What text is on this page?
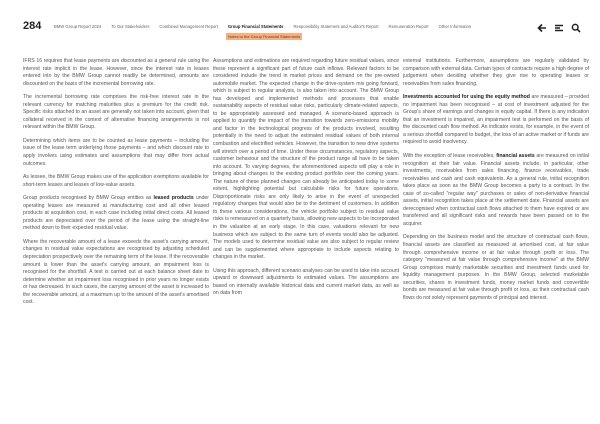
284	BMW Group Report 2024 To Our Stakeholders Combined Management Report Group Financial Statements Responsibility Statement and Auditor's Report Remuneration Report Other Information
Notes to the Group Financial Statements

IFRS 16 requires that lease payments are discounted as a general rule using the interest rate implicit in the lease. However, since the interest rate in leases entered into by the BMW Group cannot readily be determined, amounts are discounted on the basis of the incremental borrowing rate.

The incremental borrowing rate comprises the risk-free interest rate in the relevant currency for matching maturities plus a premium for the credit risk. Specific risks attached to an asset are generally not taken into account, given that collateral received in the context of alternative financing arrangements is not relevant within the BMW Group.

Determining which items are to be counted as lease payments – including the issue of the lease term underlying those payments – and which discount rate to apply involves using estimates and assumptions that may differ from actual outcomes.

As lessee, the BMW Group makes use of the application exemptions available for short-term leases and leases of low-value assets.

Group products recognised by BMW Group entities as leased products under operating leases are measured at manufacturing cost and all other leased products at acquisition cost, in each case including initial direct costs. All leased products are depreciated over the period of the lease using the straight-line method down to their expected residual value.

Where the recoverable amount of a lease exceeds the asset's carrying amount, changes in residual value expectations are recognised by adjusting scheduled depreciation prospectively over the remaining term of the lease. If the recoverable amount is lower than the asset's carrying amount, an impairment loss is recognised for the shortfall. A test is carried out at each balance sheet date to determine whether an impairment loss recognised in prior years no longer exists or has decreased. In such cases, the carrying amount of the asset is increased to the recoverable amount, at a maximum up to the amount of the asset's amortised cost.

Assumptions and estimations are required regarding future residual values, since these represent a significant part of future cash inflows. Relevant factors to be considered include the trend in market prices and demand on the pre-owned automobile market. The expected change in the drive-system mix going forward, which is subject to regular analysis, is also taken into account. The BMW Group has developed and implemented methods and processes that enable sustainability aspects of residual value risks, particularly climate-related aspects, to be appropriately assessed and managed. A scenario-based approach is applied to quantify the impact of the transition towards zero-emissions mobility and factor in the technological progress of the products involved, resulting potentially in the need to adjust the estimated residual values of both internal combustion and electrified vehicles. However, the transition to new drive systems will stretch over a period of time. Under these circumstances, regulatory aspects, customer behaviour and the structure of the product range all have to be taken into account. To varying degrees, the aforementioned aspects will play a role in bringing about changes to the existing product portfolio over the coming years. The nature of these planned changes can already be anticipated today to some extent, highlighting potential but calculable risks for future operations. Disproportionate risks are only likely to arise in the event of unexpected regulatory changes that would also be to the detriment of customers. In addition to these various considerations, the vehicle portfolio subject to residual value risks is remeasured on a quarterly basis, allowing new aspects to be incorporated in the valuation at an early stage. In this case, valuations relevant for new business which are subject to the same turn of events would also be adjusted. The models used to determine residual value are also subject to regular review and can be supplemented where appropriate to include aspects relating to changes in the market.

Using this approach, different scenario analyses can be used to take into account upward or downward adjustments to estimated values. The assumptions are based on internally available historical data and current market data, as well as on data from

external institutions. Furthermore, assumptions are regularly validated by comparison with external data. Certain types of contracts require a high degree of judgement when deciding whether they give rise to operating leases or receivables from sales financing.

Investments accounted for using the equity method are measured – provided no impairment has been recognised – at cost of investment adjusted for the Group's share of earnings and changes in equity capital. If there is any indication that an investment is impaired, an impairment test is performed on the basis of the discounted cash flow method. An indicator exists, for example, in the event of a serious shortfall compared to budget, the loss of an active market or if funds are required to avoid insolvency.

With the exception of lease receivables, financial assets are measured on initial recognition at their fair value. Financial assets include, in particular, other investments, receivables from sales financing, finance receivables, trade receivables and cash and cash equivalents. As a general rule, initial recognition takes place as soon as the BMW Group becomes a party to a contract. In the case of so-called "regular way" purchases or sales of non-derivative financial assets, initial recognition takes place at the settlement date. Financial assets are derecognised when contractual cash flows attached to them have expired or are transferred and all significant risks and rewards have been passed on to the acquirer.

Depending on the business model and the structure of contractual cash flows, financial assets are classified as measured at amortised cost, at fair value through comprehensive income or at fair value through profit or loss. The category "measured at fair value through comprehensive income" at the BMW Group comprises mainly marketable securities and investment funds used for liquidity management purposes. In the BMW Group, selected marketable securities, shares in investment funds, money market funds and convertible bonds are measured at fair value through profit or loss, as their contractual cash flows do not solely represent payments of principal and interest.
